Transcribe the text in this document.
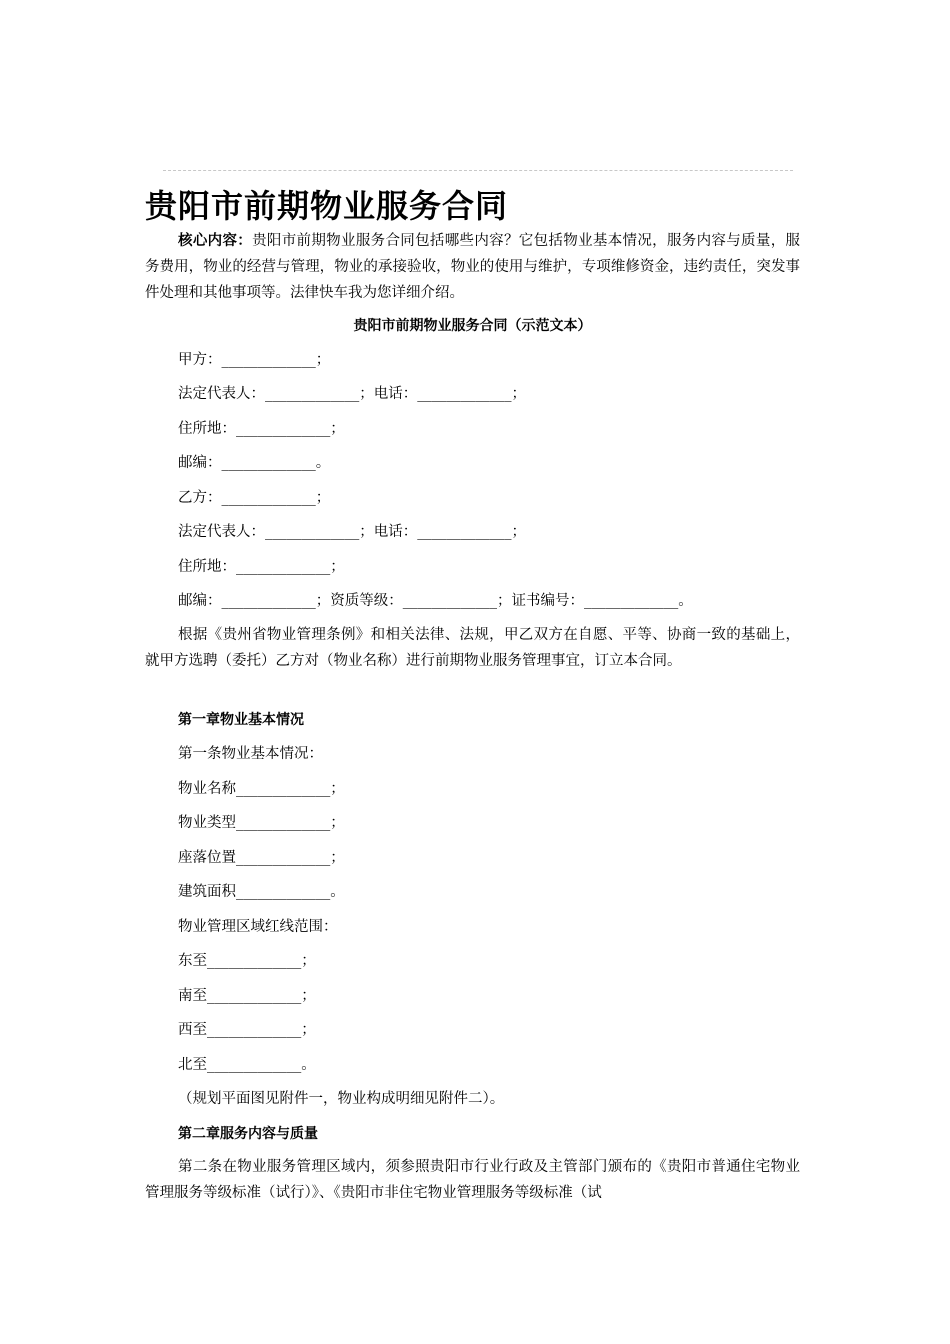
贵阳市前期物业服务合同

核心内容：贵阳市前期物业服务合同包括哪些内容？它包括物业基本情况，服务内容与质量，服务费用，物业的经营与管理，物业的承接验收，物业的使用与维护，专项维修资金，违约责任，突发事件处理和其他事项等。法律快车我为您详细介绍。

贵阳市前期物业服务合同（示范文本）
甲方：_____________；
法定代表人：_____________；电话：_____________；
住所地：_____________；
邮编：_____________。
乙方：_____________；
法定代表人：_____________；电话：_____________；
住所地：_____________；
邮编：_____________；资质等级：_____________；证书编号：_____________。

根据《贵州省物业管理条例》和相关法律、法规，甲乙双方在自愿、平等、协商一致的基础上，就甲方选聘（委托）乙方对（物业名称）进行前期物业服务管理事宜，订立本合同。

第一章物业基本情况
第一条物业基本情况：
物业名称_____________；
物业类型_____________；
座落位置_____________；
建筑面积_____________。
物业管理区域红线范围：
东至_____________；
南至_____________；
西至_____________；
北至_____________。
（规划平面图见附件一，物业构成明细见附件二）。
第二章服务内容与质量

第二条在物业服务管理区域内，须参照贵阳市行业行政及主管部门颁布的《贵阳市普通住宅物业管理服务等级标准（试行）》、《贵阳市非住宅物业管理服务等级标准（试
